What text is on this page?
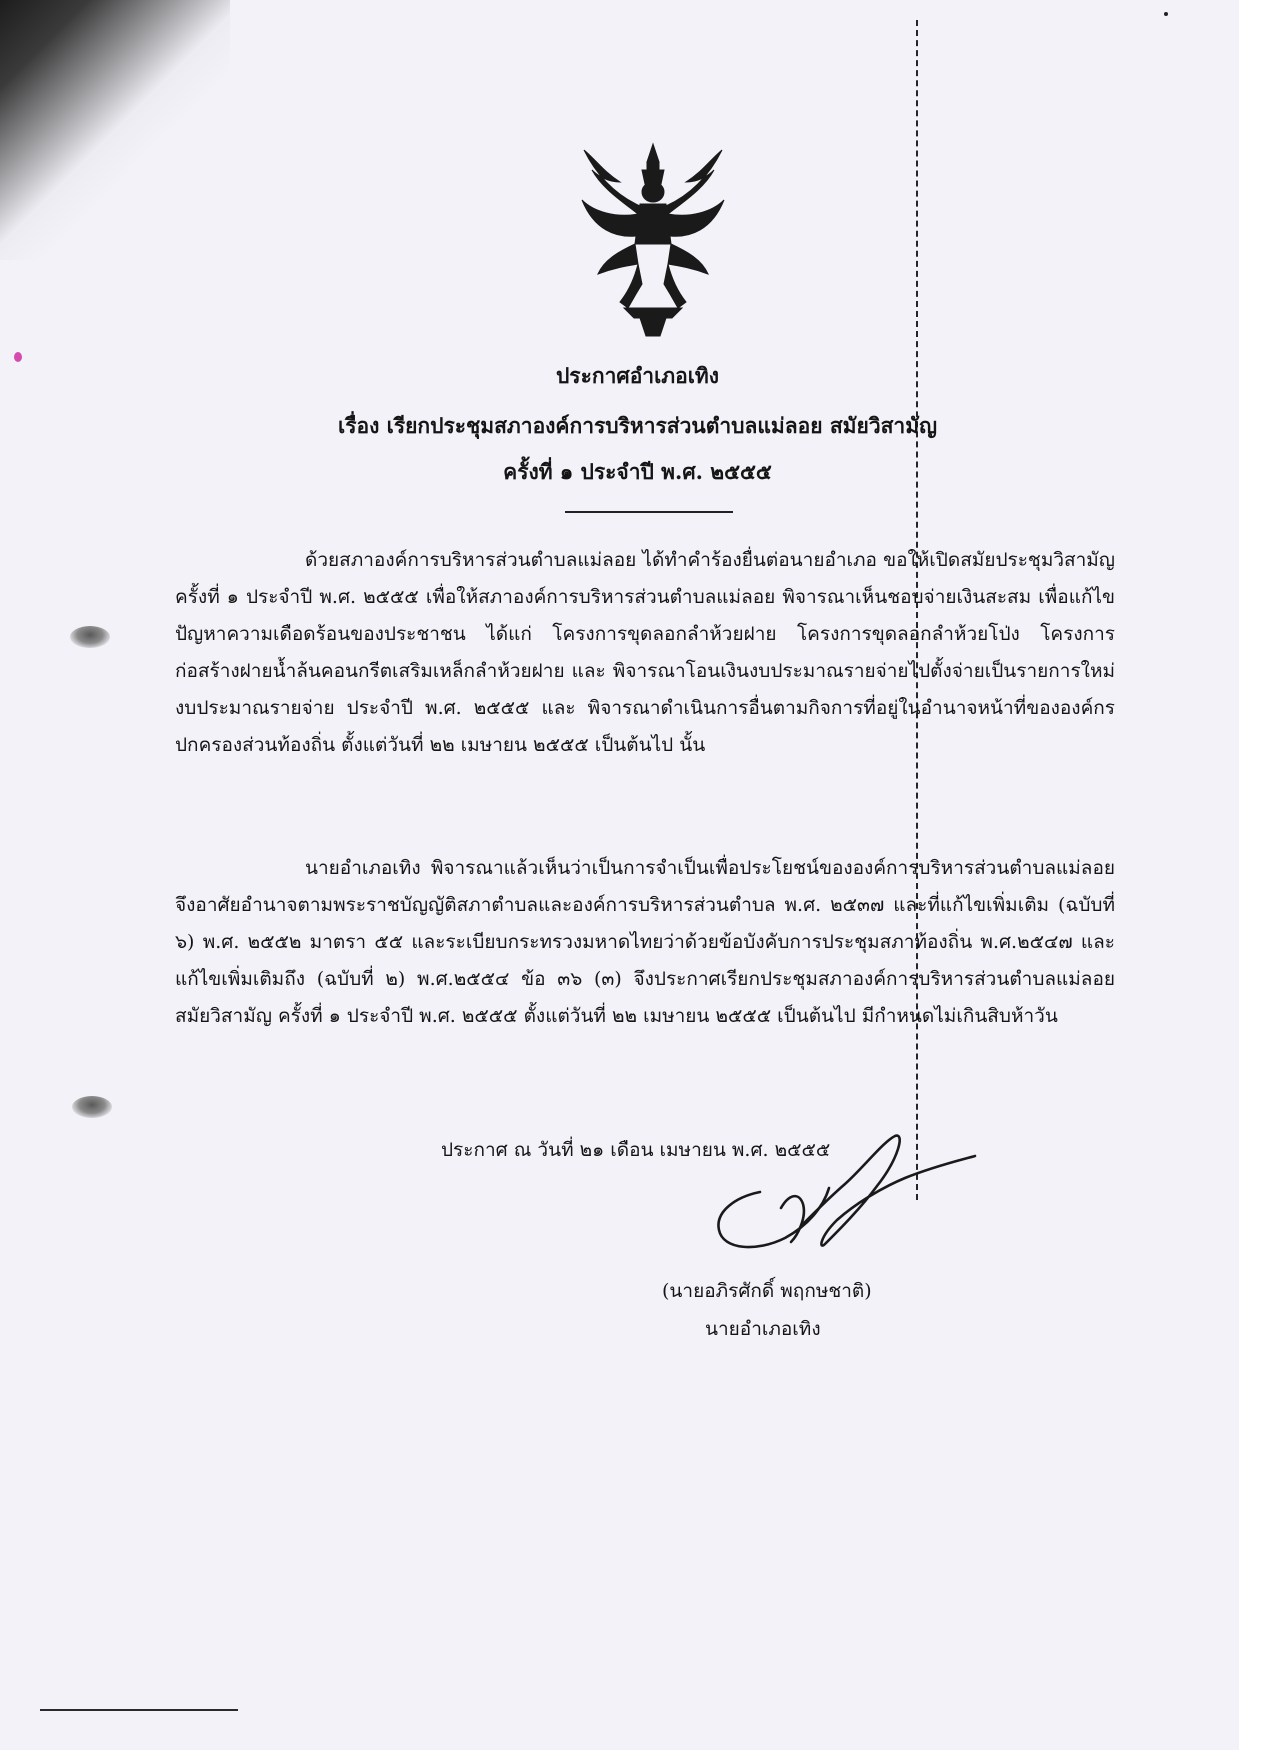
ประกาศอำเภอเทิง
เรื่อง เรียกประชุมสภาองค์การบริหารส่วนตำบลแม่ลอย สมัยวิสามัญ
ครั้งที่ ๑ ประจำปี พ.ศ. ๒๕๕๕
ด้วยสภาองค์การบริหารส่วนตำบลแม่ลอย ได้ทำคำร้องยื่นต่อนายอำเภอ ขอให้เปิดสมัยประชุมวิสามัญ ครั้งที่ ๑ ประจำปี พ.ศ. ๒๕๕๕ เพื่อให้สภาองค์การบริหารส่วนตำบลแม่ลอย พิจารณาเห็นชอบจ่ายเงินสะสม เพื่อแก้ไขปัญหาความเดือดร้อนของประชาชน ได้แก่ โครงการขุดลอกลำห้วยฝาย โครงการขุดลอกลำห้วยโป่ง โครงการก่อสร้างฝายน้ำล้นคอนกรีตเสริมเหล็กลำห้วยฝาย และ พิจารณาโอนเงินงบประมาณรายจ่ายไปตั้งจ่ายเป็นรายการใหม่ งบประมาณรายจ่าย ประจำปี พ.ศ. ๒๕๕๕ และ พิจารณาดำเนินการอื่นตามกิจการที่อยู่ในอำนาจหน้าที่ขององค์กรปกครองส่วนท้องถิ่น ตั้งแต่วันที่ ๒๒ เมษายน ๒๕๕๕ เป็นต้นไป นั้น
นายอำเภอเทิง พิจารณาแล้วเห็นว่าเป็นการจำเป็นเพื่อประโยชน์ขององค์การบริหารส่วนตำบลแม่ลอย จึงอาศัยอำนาจตามพระราชบัญญัติสภาตำบลและองค์การบริหารส่วนตำบล พ.ศ. ๒๕๓๗ และที่แก้ไขเพิ่มเติม (ฉบับที่ ๖) พ.ศ. ๒๕๕๒ มาตรา ๕๕ และระเบียบกระทรวงมหาดไทยว่าด้วยข้อบังคับการประชุมสภาท้องถิ่น พ.ศ.๒๕๔๗ และแก้ไขเพิ่มเติมถึง (ฉบับที่ ๒) พ.ศ.๒๕๕๔ ข้อ ๓๖ (๓) จึงประกาศเรียกประชุมสภาองค์การบริหารส่วนตำบลแม่ลอย สมัยวิสามัญ ครั้งที่ ๑ ประจำปี พ.ศ. ๒๕๕๕ ตั้งแต่วันที่ ๒๒ เมษายน ๒๕๕๕ เป็นต้นไป มีกำหนดไม่เกินสิบห้าวัน
ประกาศ ณ วันที่ ๒๑ เดือน เมษายน พ.ศ. ๒๕๕๕
(นายอภิรศักดิ์ พฤกษชาติ)
นายอำเภอเทิง
